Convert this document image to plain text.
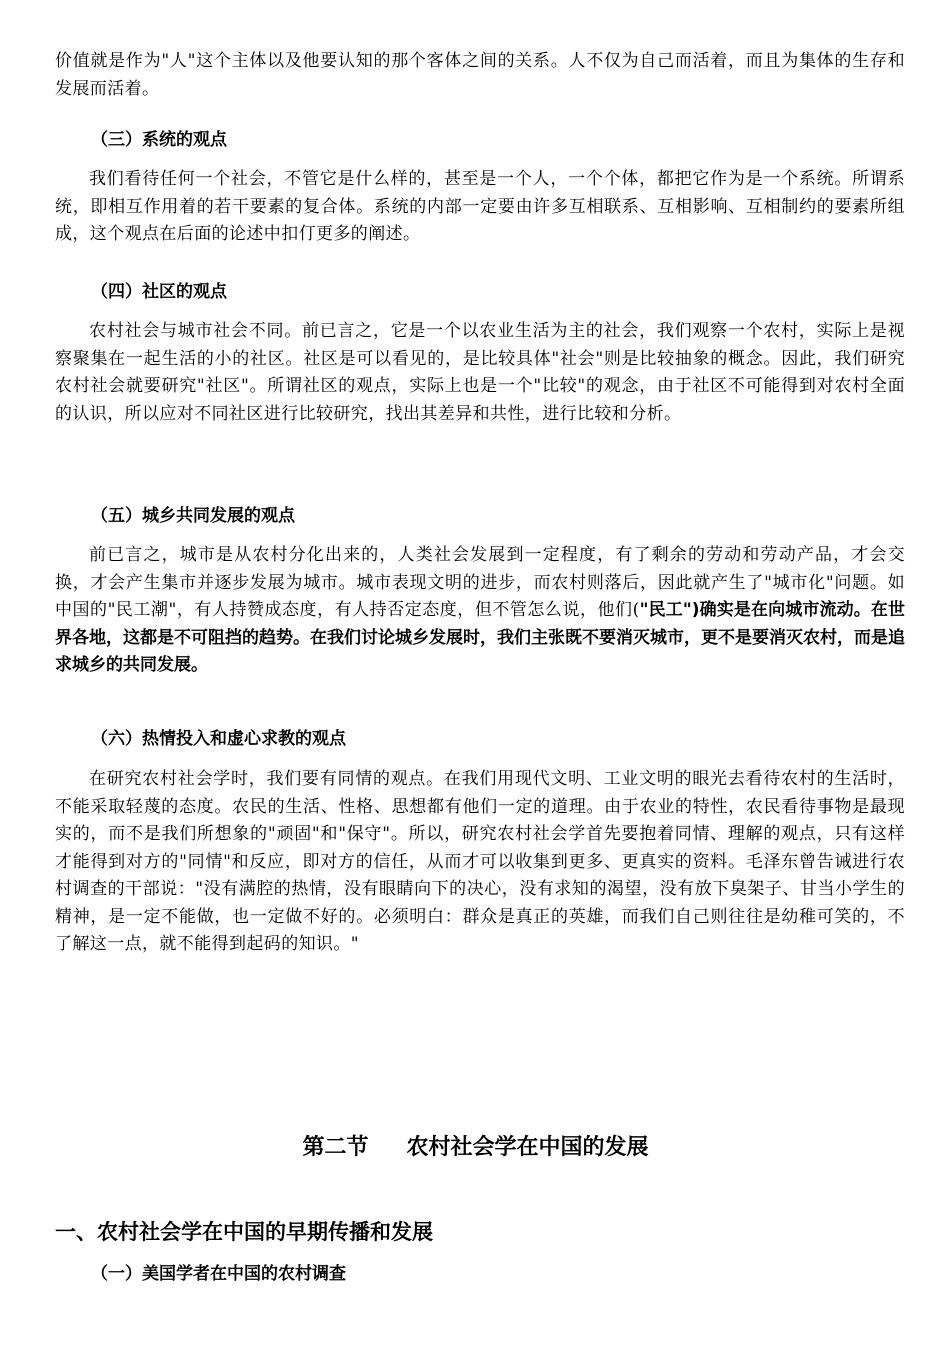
价值就是作为"人"这个主体以及他要认知的那个客体之间的关系。人不仅为自己而活着，而且为集体的生存和发展而活着。

（三）系统的观点

我们看待任何一个社会，不管它是什么样的，甚至是一个人，一个个体，都把它作为是一个系统。所谓系统，即相互作用着的若干要素的复合体。系统的内部一定要由许多互相联系、互相影响、互相制约的要素所组成，这个观点在后面的论述中扣仃更多的阐述。

（四）社区的观点

农村社会与城市社会不同。前已言之，它是一个以农业生活为主的社会，我们观察一个农村，实际上是视察聚集在一起生活的小的社区。社区是可以看见的，是比较具体"社会"则是比较抽象的概念。因此，我们研究农村社会就要研究"社区"。所谓社区的观点，实际上也是一个"比较"的观念，由于社区不可能得到对农村全面的认识，所以应对不同社区进行比较研究，找出其差异和共性，进行比较和分析。

（五）城乡共同发展的观点

前已言之，城市是从农村分化出来的，人类社会发展到一定程度，有了剩余的劳动和劳动产品，才会交换，才会产生集市并逐步发展为城市。城市表现文明的进步，而农村则落后，因此就产生了"城市化"问题。如中国的"民工潮"，有人持赞成态度，有人持否定态度，但不管怎么说，他们("民工")确实是在向城市流动。在世界各地，这都是不可阻挡的趋势。在我们讨论城乡发展时，我们主张既不要消灭城市，更不是要消灭农村，而是追求城乡的共同发展。

（六）热情投入和虚心求教的观点

在研究农村社会学时，我们要有同情的观点。在我们用现代文明、工业文明的眼光去看待农村的生活时，不能采取轻蔑的态度。农民的生活、性格、思想都有他们一定的道理。由于农业的特性，农民看待事物是最现实的，而不是我们所想象的"顽固"和"保守"。所以，研究农村社会学首先要抱着同情、理解的观点，只有这样才能得到对方的"同情"和反应，即对方的信任，从而才可以收集到更多、更真实的资料。毛泽东曾告诫进行农村调查的干部说："没有满腔的热情，没有眼睛向下的决心，没有求知的渴望，没有放下臭架子、甘当小学生的精神，是一定不能做，也一定做不好的。必须明白：群众是真正的英雄，而我们自己则往往是幼稚可笑的，不了解这一点，就不能得到起码的知识。"

第二节 农村社会学在中国的发展
一、农村社会学在中国的早期传播和发展
（一）美国学者在中国的农村调查
